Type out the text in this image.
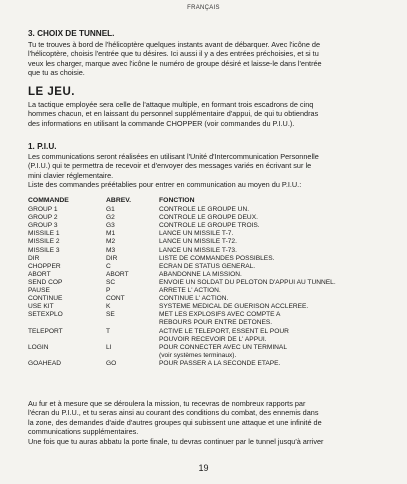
FRANÇAIS
3. CHOIX DE TUNNEL.
Tu te trouves à bord de l'hélicoptère quelques instants avant de débarquer. Avec l'icône de
l'hélicoptère, choisis l'entrée que tu désires. Ici aussi il y a des entrées préchoisies, et si tu
veux les charger, marque avec l'icône le numéro de groupe désiré et laisse-le dans l'entrée
que tu as choisie.
LE JEU.
La tactique employée sera celle de l'attaque multiple, en formant trois escadrons de cinq
hommes chacun, et en laissant du personnel supplémentaire d'appui, de qui tu obtiendras
des informations en utilisant la commande CHOPPER (voir commandes du P.I.U.).
1. P.I.U.
Les communications seront réalisées en utilisant l'Unité d'Intercommunication Personnelle
(P.I.U.) qui te permettra de recevoir et d'envoyer des messages variés en écrivant sur le
mini clavier réglementaire.
Liste des commandes préétablies pour entrer en communication au moyen du P.I.U.:
COMMANDE	ABREV.	FONCTION
GROUP 1	G1	CONTROLE LE GROUPE UN.

GROUP 2	G2	CONTROLE LE GROUPE DEUX.

GROUP 3	G3	CONTROLE LE GROUPE TROIS.

MISSILE 1	M1	LANCE UN MISSILE T-7.

MISSILE 2	M2	LANCE UN MISSILE T-72.

MISSILE 3	M3	LANCE UN MISSILE T-73.

DIR	DIR	LISTE DE COMMANDES POSSIBLES.

CHOPPER	C	ECRAN DE STATUS GENERAL.

ABORT	ABORT	ABANDONNE LA MISSION.

SEND COP	SC	ENVOIE UN SOLDAT DU PELOTON D'APPUI AU TUNNEL.

PAUSE	P	ARRETE L' ACTION.

CONTINUE	CONT	CONTINUE L' ACTION.

USE KIT	K	SYSTEME MEDICAL DE GUERISON ACCLEREE.

SETEXPLO	SE	MET LES EXPLOSIFS AVEC COMPTE A
REBOURS POUR ENTRE DETONES.

TELEPORT	T	ACTIVE LE TELEPORT, ESSENT EL POUR
POUVOIR RECEVOIR DE L' APPUI.

LOGIN	LI	POUR CONNECTER AVEC UN TERMINAL
(voir systèmes terminaux).

GOAHEAD	GO	POUR PASSER A LA SECONDE ETAPE.
Au fur et à mesure que se déroulera la mission, tu recevras de nombreux rapports par
l'écran du P.I.U., et tu seras ainsi au courant des conditions du combat, des ennemis dans
la zone, des demandes d'aide d'autres groupes qui subissent une attaque et une infinité de
communications supplémentaires.
Une fois que tu auras abbatu la porte finale, tu devras continuer par le tunnel jusqu'à arriver
19
